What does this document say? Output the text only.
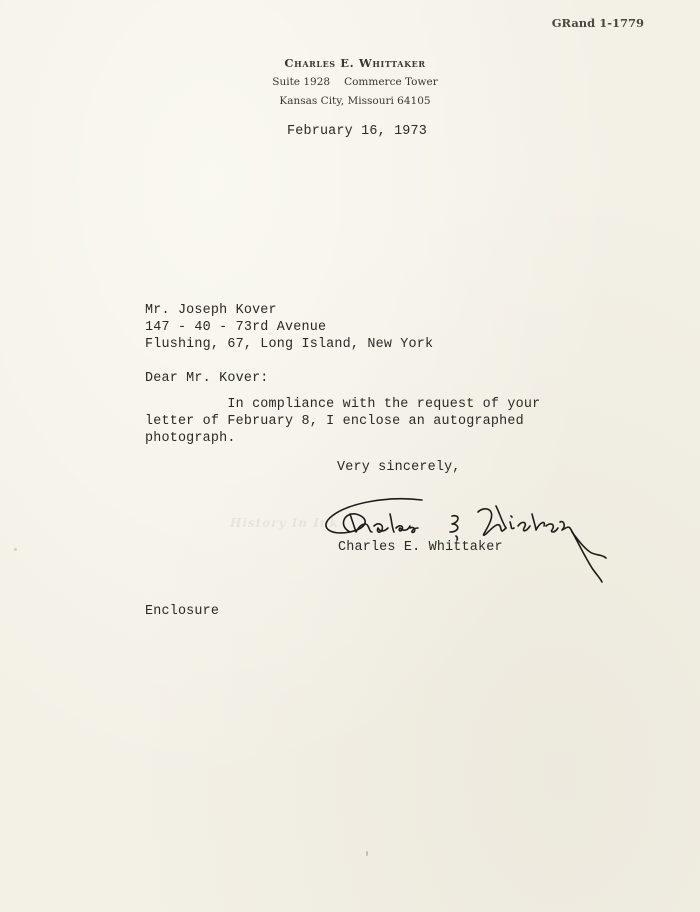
GRand 1-1779
Charles E. Whittaker
Suite 1928 Commerce Tower
Kansas City, Missouri 64105
February 16, 1973
Mr. Joseph Kover
147 - 40 - 73rd Avenue
Flushing, 67, Long Island, New York
Dear Mr. Kover:
In compliance with the request of your
letter of February 8, I enclose an autographed
photograph.
Very sincerely,
History In Ink
Charles E. Whittaker
Enclosure
